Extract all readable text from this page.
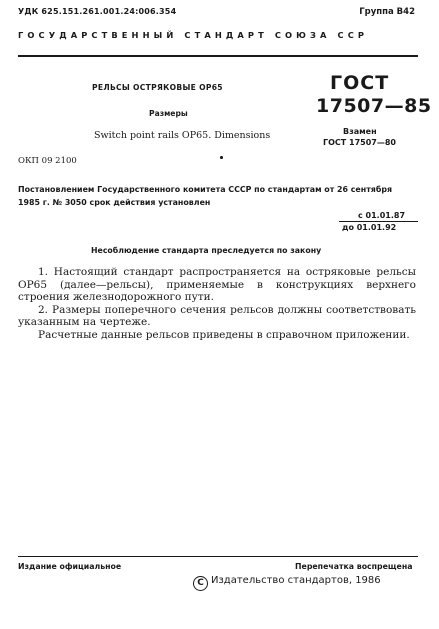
УДК 625.151.261.001.24:006.354	Группа В42
ГОСУДАРСТВЕННЫЙ СТАНДАРТ СОЮЗА ССР
РЕЛЬСЫ ОСТРЯКОВЫЕ ОР65
Размеры
Switch point rails ОР65. Dimensions
ГОСТ
17507—85
Взамен
ГОСТ 17507—80
ОКП 09 2100
Постановлением Государственного комитета СССР по стандартам от 26 сентября 1985 г. № 3050 срок действия установлен
с 01.01.87
до 01.01.92
Несоблюдение стандарта преследуется по закону

1. Настоящий стандарт распространяется на остряковые рельсы ОР65 (далее—рельсы), применяемые в конструкциях верхнего строения железнодорожного пути.

2. Размеры поперечного сечения рельсов должны соответствовать указанным на чертеже.

Расчетные данные рельсов приведены в справочном приложении.

Издание официальное	Перепечатка воспрещена
С Издательство стандартов, 1986
